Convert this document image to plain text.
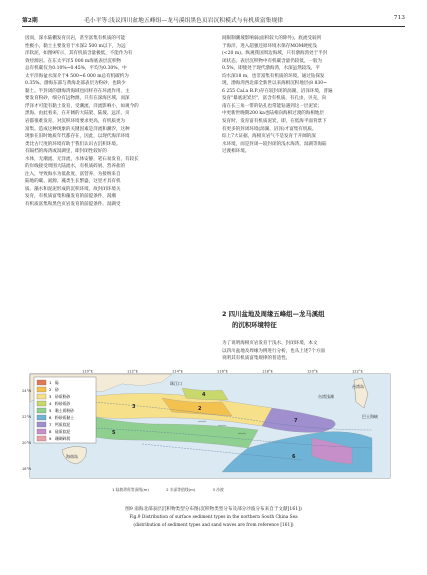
第2期	毛小平等:浅议四川盆地五峰组—龙马溪组黑色页岩沉积模式与有机质富集规律	713

因而，深水陆棚发育页岩，甚至富集有机质的可能

性极小。黏土主要发育于水深2 500 m以下，为远

洋软泥，如图9所示，其有机质含量极低，不能作为有

效烃源岩。在东太平洋5 000 m海底表层沉积物

总有机碳仅为0.10%~0.45%，平均为0.30%，中

太平洋海盆水深介于4 500~6 000 m总有机碳约为

0.35%。渤海东部与黄海北部表层为粉砂，也缺少

黏土。半封闭的渤海湾海域也同样存在环流作用，主

要发育粉砂，细分有远物源，只有在深海区域，而深

浮泽才可能有黏土发育，受潮流、洋流影响小，如观今的

黑海，由此看来，在开阔的大陆架、陆坡、远洋，页

岩都很难发育，对沉积环境要求更高，有机质更为

富集。造成这种现象的关键因素是洋流和潮汐，这种

现象在旧时地质年代都存在，因此，以现代海洋环境

类比古尺度的环境有助于我们认识古沉积环境。

有隔档的海湾或潟湖里，即封闭性较好的

水体，无潮流、无洋流，水体安静，笔石易发育，有较长

的岸线接受周围大陆流水，有机质碎屑、营养盐的

注入，导致海水为低盐度、富营养，为接纳来自

陆地的碳、氮源，藻类生长繁盛，这里才具有机

质、藻水和泥泥形成的沉积环境，故封闭环境关

发育，有机质富集和藻发育的前提条件，渴潮

有机质富集和黑色页岩发育的前提条件。潟湖受

间限制潮坡影响弱(面积较大的除外)，底流受弱到

于海洋，进入超强还原环境水保存MOM硬度浅

(<20 m)。纵观我国周边海域，只有渤海湾处于半封

闭状态，表层沉积物中有机碳含量仍较低，一般为

0.5%，即使处于现代渤海湾，水深虽然较浅，平

均水深18 m，也非富集有机质的环境。通过钻探发

现，渤海湾西北部全新世以来海相沉积地层(8 830~

6 255 Cal.a B.P.)存在较封闭的潟湖，沼泽环境，普遍

发育"暴底泥炭层"，富含有机质，有孔虫，贝壳，向

南在长三角一带的钻孔也常能钻遇到这一层泥炭；

中更新世晚期200 ka也陆相向海相过渡的海相地层

发育时，发育富有机质泥炭，即，在低海平面背景下

有更多的封闭环境(潟湖、沼泽)才富集有机质。

综上7大证据，海相页岩气不是发育于开阔的深

水环境，而是封闭—较封闭的浅水海湾、潟湖等海陆

过渡相环境。

2 四川盆地及周缘五峰组—龙马溪组
的沉积环境特征

为了说明海相页岩发育于浅水、封闭环境，本文

以四川盆地及周缘为例进行分析，也从上述7个方面

说明其有机质富集规律的普适性。

110°E	112°E	114°E	116°E	118°E	120°E	122°E
24°N
22°N
20°N
18°N
台湾岛
巴士海峡
台湾浅滩
珠江口
海南岛
5
6
2
3
4
7
1 砾
2 砂
3 砂质粉砂
4 粉砂质砂
5 黏土质粉砂
6 粉砂质黏土
7 钙质软泥
8 硅质软泥
9 珊瑚碎屑
1 陆坡珍贵等深线(m)	2 水深等值线(m)	3 沙波

图9 南海北部表层沉积物类型分布图(沉积物类型分布及部分沙波分布来自于文献[161])

Fig.9 Distribution of surface sediment types in the northern South China Sea

(distribution of sediment types and sand waves are from reference [161])
